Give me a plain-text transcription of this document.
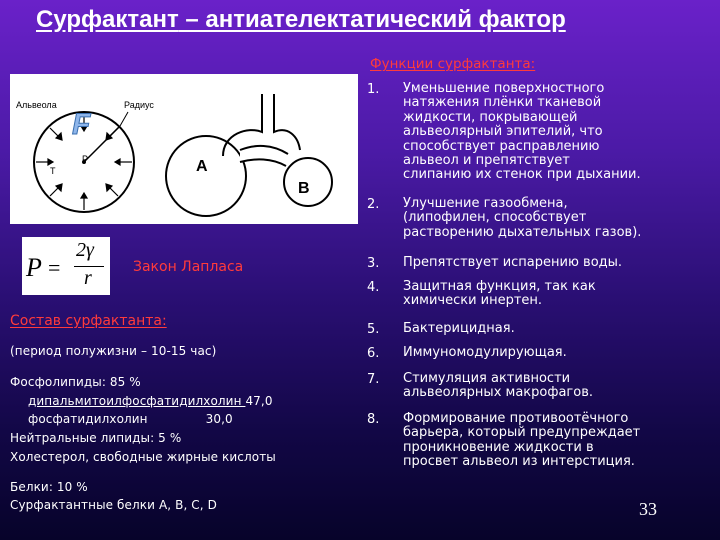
Сурфактант – антиателектатический фактор
Альвеола	Радиус
F
P
T	A
B
P =
2γ
r	Закон Лапласа
Состав сурфактанта:
(период полужизни – 10-15 час)
Фосфолипиды: 85 %
дипальмитоилфосфатидилхолин 47,0
фосфатидилхолин	30,0
Нейтральные липиды: 5 %
Холестерол, свободные жирные кислоты
Белки: 10 %
Сурфактантные белки A, B, C, D
Функции сурфактанта:
1. Уменьшение поверхностного
натяжения плёнки тканевой
жидкости, покрывающей
альвеолярный эпителий, что
способствует расправлению
альвеол и препятствует
слипанию их стенок при дыхании.
2. Улучшение газообмена,
(липофилен, способствует
растворению дыхательных газов).
3. Препятствует испарению воды.
4. Защитная функция, так как
химически инертен.
5. Бактерицидная.
6. Иммуномодулирующая.
7. Стимуляция активности
альвеолярных макрофагов.
8. Формирование противоотёчного
барьера, который предупреждает
проникновение жидкости в
просвет альвеол из интерстиция.
33
